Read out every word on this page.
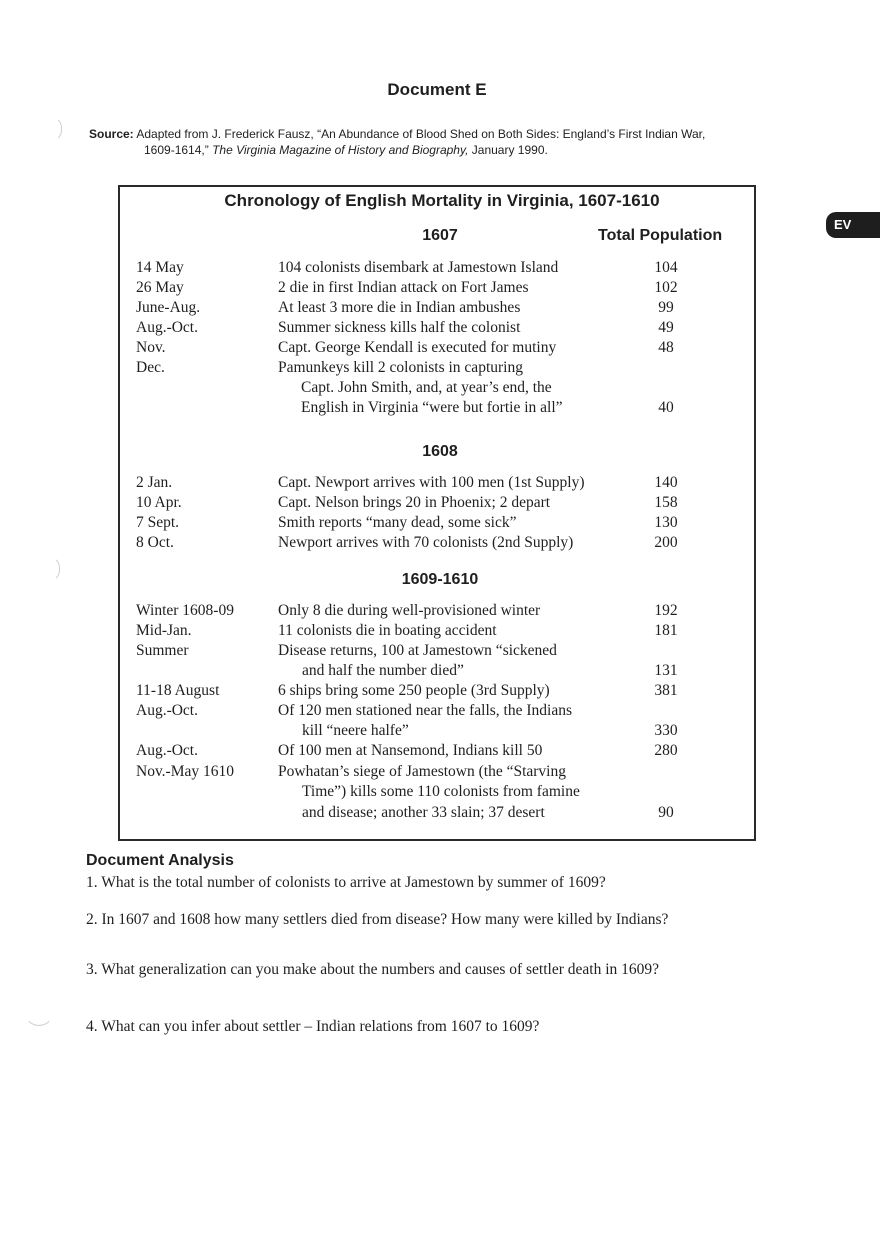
Document E
Source: Adapted from J. Frederick Fausz, “An Abundance of Blood Shed on Both Sides: England’s First Indian War,
1609-1614,” The Virginia Magazine of History and Biography, January 1990.
EV
Chronology of English Mortality in Virginia, 1607-1610
1607	Total Population
14 May	104 colonists disembark at Jamestown Island	104
26 May	2 die in first Indian attack on Fort James	102
June-Aug.	At least 3 more die in Indian ambushes	99
Aug.-Oct.	Summer sickness kills half the colonist	49
Nov.	Capt. George Kendall is executed for mutiny	48
Dec.	Pamunkeys kill 2 colonists in capturing
Capt. John Smith, and, at year’s end, the
English in Virginia “were but fortie in all”	40
1608
2 Jan.	Capt. Newport arrives with 100 men (1st Supply)	140
10 Apr.	Capt. Nelson brings 20 in Phoenix; 2 depart	158
7 Sept.	Smith reports “many dead, some sick”	130
8 Oct.	Newport arrives with 70 colonists (2nd Supply)	200
1609-1610
Winter 1608-09	Only 8 die during well-provisioned winter	192
Mid-Jan.	11 colonists die in boating accident	181
Summer	Disease returns, 100 at Jamestown “sickened
and half the number died”	131
11-18 August	6 ships bring some 250 people (3rd Supply)	381
Aug.-Oct.	Of 120 men stationed near the falls, the Indians
kill “neere halfe”	330
Aug.-Oct.	Of 100 men at Nansemond, Indians kill 50	280
Nov.-May 1610	Powhatan’s siege of Jamestown (the “Starving
Time”) kills some 110 colonists from famine
and disease; another 33 slain; 37 desert	90
Document Analysis
1. What is the total number of colonists to arrive at Jamestown by summer of 1609?
2. In 1607 and 1608 how many settlers died from disease? How many were killed by Indians?
3. What generalization can you make about the numbers and causes of settler death in 1609?
4. What can you infer about settler – Indian relations from 1607 to 1609?
